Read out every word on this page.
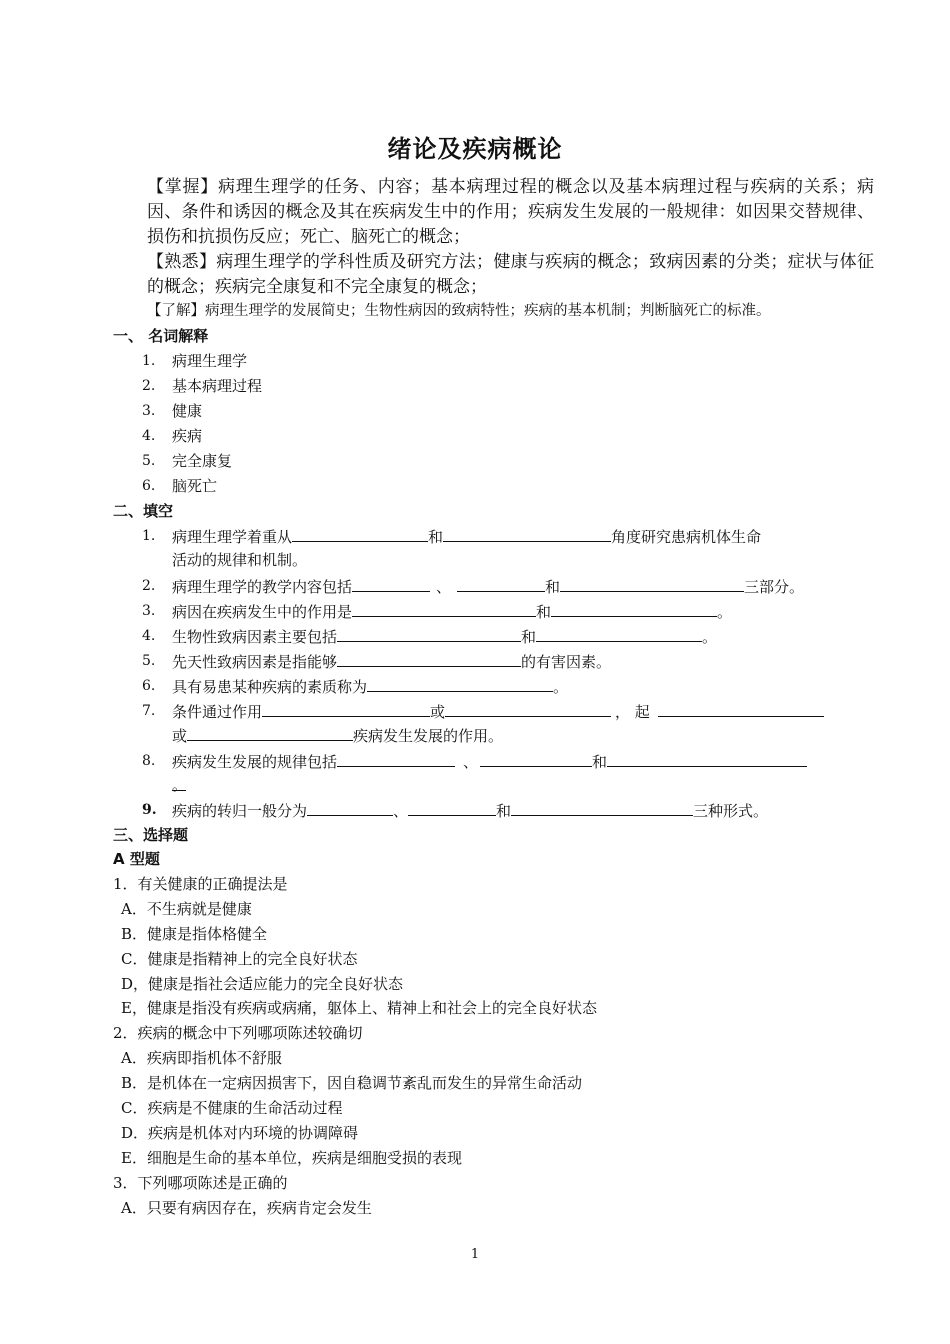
绪论及疾病概论
【掌握】病理生理学的任务、内容；基本病理过程的概念以及基本病理过程与疾病的关系；病因、条件和诱因的概念及其在疾病发生中的作用；疾病发生发展的一般规律：如因果交替规律、损伤和抗损伤反应；死亡、脑死亡的概念；
【熟悉】病理生理学的学科性质及研究方法；健康与疾病的概念；致病因素的分类；症状与体征的概念；疾病完全康复和不完全康复的概念；
【了解】病理生理学的发展简史；生物性病因的致病特性；疾病的基本机制；判断脑死亡的标准。
一、 名词解释
1. 病理生理学
2. 基本病理过程
3. 健康
4. 疾病
5. 完全康复
6. 脑死亡
二、填空
1. 病理生理学着重从	和	角度研究患病机体生命
活动的规律和机制。
2. 病理生理学的教学内容包括	、	和	三部分。
3. 病因在疾病发生中的作用是	和	。
4. 生物性致病因素主要包括	和	。
5. 先天性致病因素是指能够	的有害因素。
6. 具有易患某种疾病的素质称为	。
7. 条件通过作用	或	， 起
或	疾病发生发展的作用。
8. 疾病发生发展的规律包括	、	和
。
9. 疾病的转归一般分为	、	和	三种形式。
三、选择题
A 型题
1．有关健康的正确提法是
A．不生病就是健康
B．健康是指体格健全
C．健康是指精神上的完全良好状态
D，健康是指社会适应能力的完全良好状态
E，健康是指没有疾病或病痛，躯体上、精神上和社会上的完全良好状态
2．疾病的概念中下列哪项陈述较确切
A．疾病即指机体不舒服
B．是机体在一定病因损害下，因自稳调节紊乱而发生的异常生命活动
C．疾病是不健康的生命活动过程
D．疾病是机体对内环境的协调障碍
E．细胞是生命的基本单位，疾病是细胞受损的表现
3．下列哪项陈述是正确的
A．只要有病因存在，疾病肯定会发生
1
